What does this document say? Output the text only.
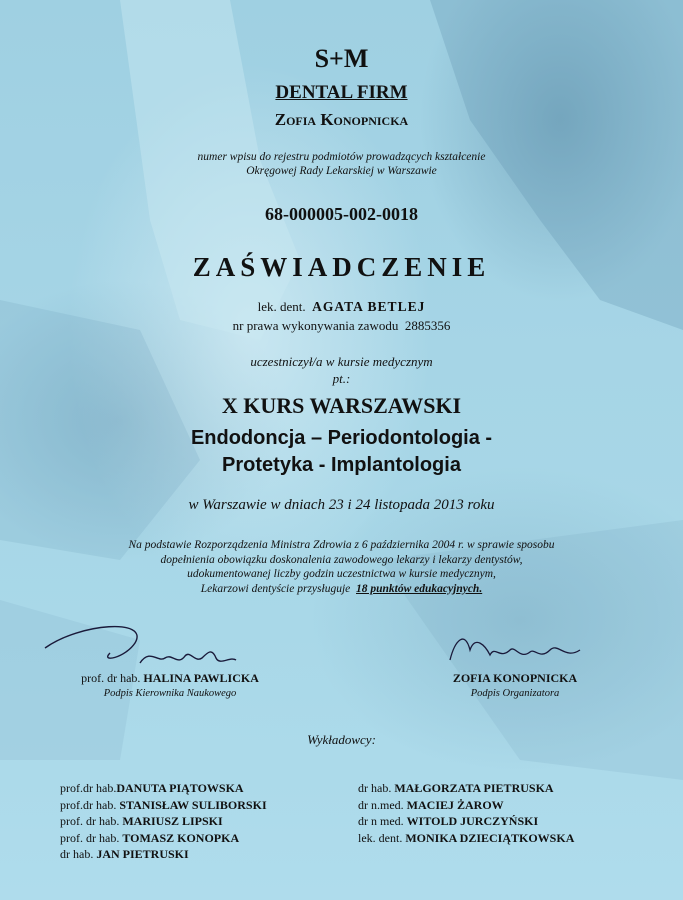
S+M
DENTAL FIRM
Zofia Konopnicka
numer wpisu do rejestru podmiotów prowadzących kształcenie
Okręgowej Rady Lekarskiej w Warszawie
68-000005-002-0018
ZAŚWIADCZENIE
lek. dent. AGATA BETLEJ
nr prawa wykonywania zawodu 2885356
uczestniczył/a w kursie medycznym
pt.:
X KURS WARSZAWSKI
Endodoncja – Periodontologia -
Protetyka - Implantologia
w Warszawie w dniach 23 i 24 listopada 2013 roku
Na podstawie Rozporządzenia Ministra Zdrowia z 6 października 2004 r. w sprawie sposobu
dopełnienia obowiązku doskonalenia zawodowego lekarzy i lekarzy dentystów,
udokumentowanej liczby godzin uczestnictwa w kursie medycznym,
Lekarzowi dentyście przysługuje 18 punktów edukacyjnych.
prof. dr hab. HALINA PAWLICKA
Podpis Kierownika Naukowego
ZOFIA KONOPNICKA
Podpis Organizatora
Wykładowcy:
prof.dr hab.DANUTA PIĄTOWSKA
prof.dr hab. STANISŁAW SULIBORSKI
prof. dr hab. MARIUSZ LIPSKI
prof. dr hab. TOMASZ KONOPKA
dr hab. JAN PIETRUSKI
dr hab. MAŁGORZATA PIETRUSKA
dr n.med. MACIEJ ŻAROW
dr n med. WITOLD JURCZYŃSKI
lek. dent. MONIKA DZIECIĄTKOWSKA
